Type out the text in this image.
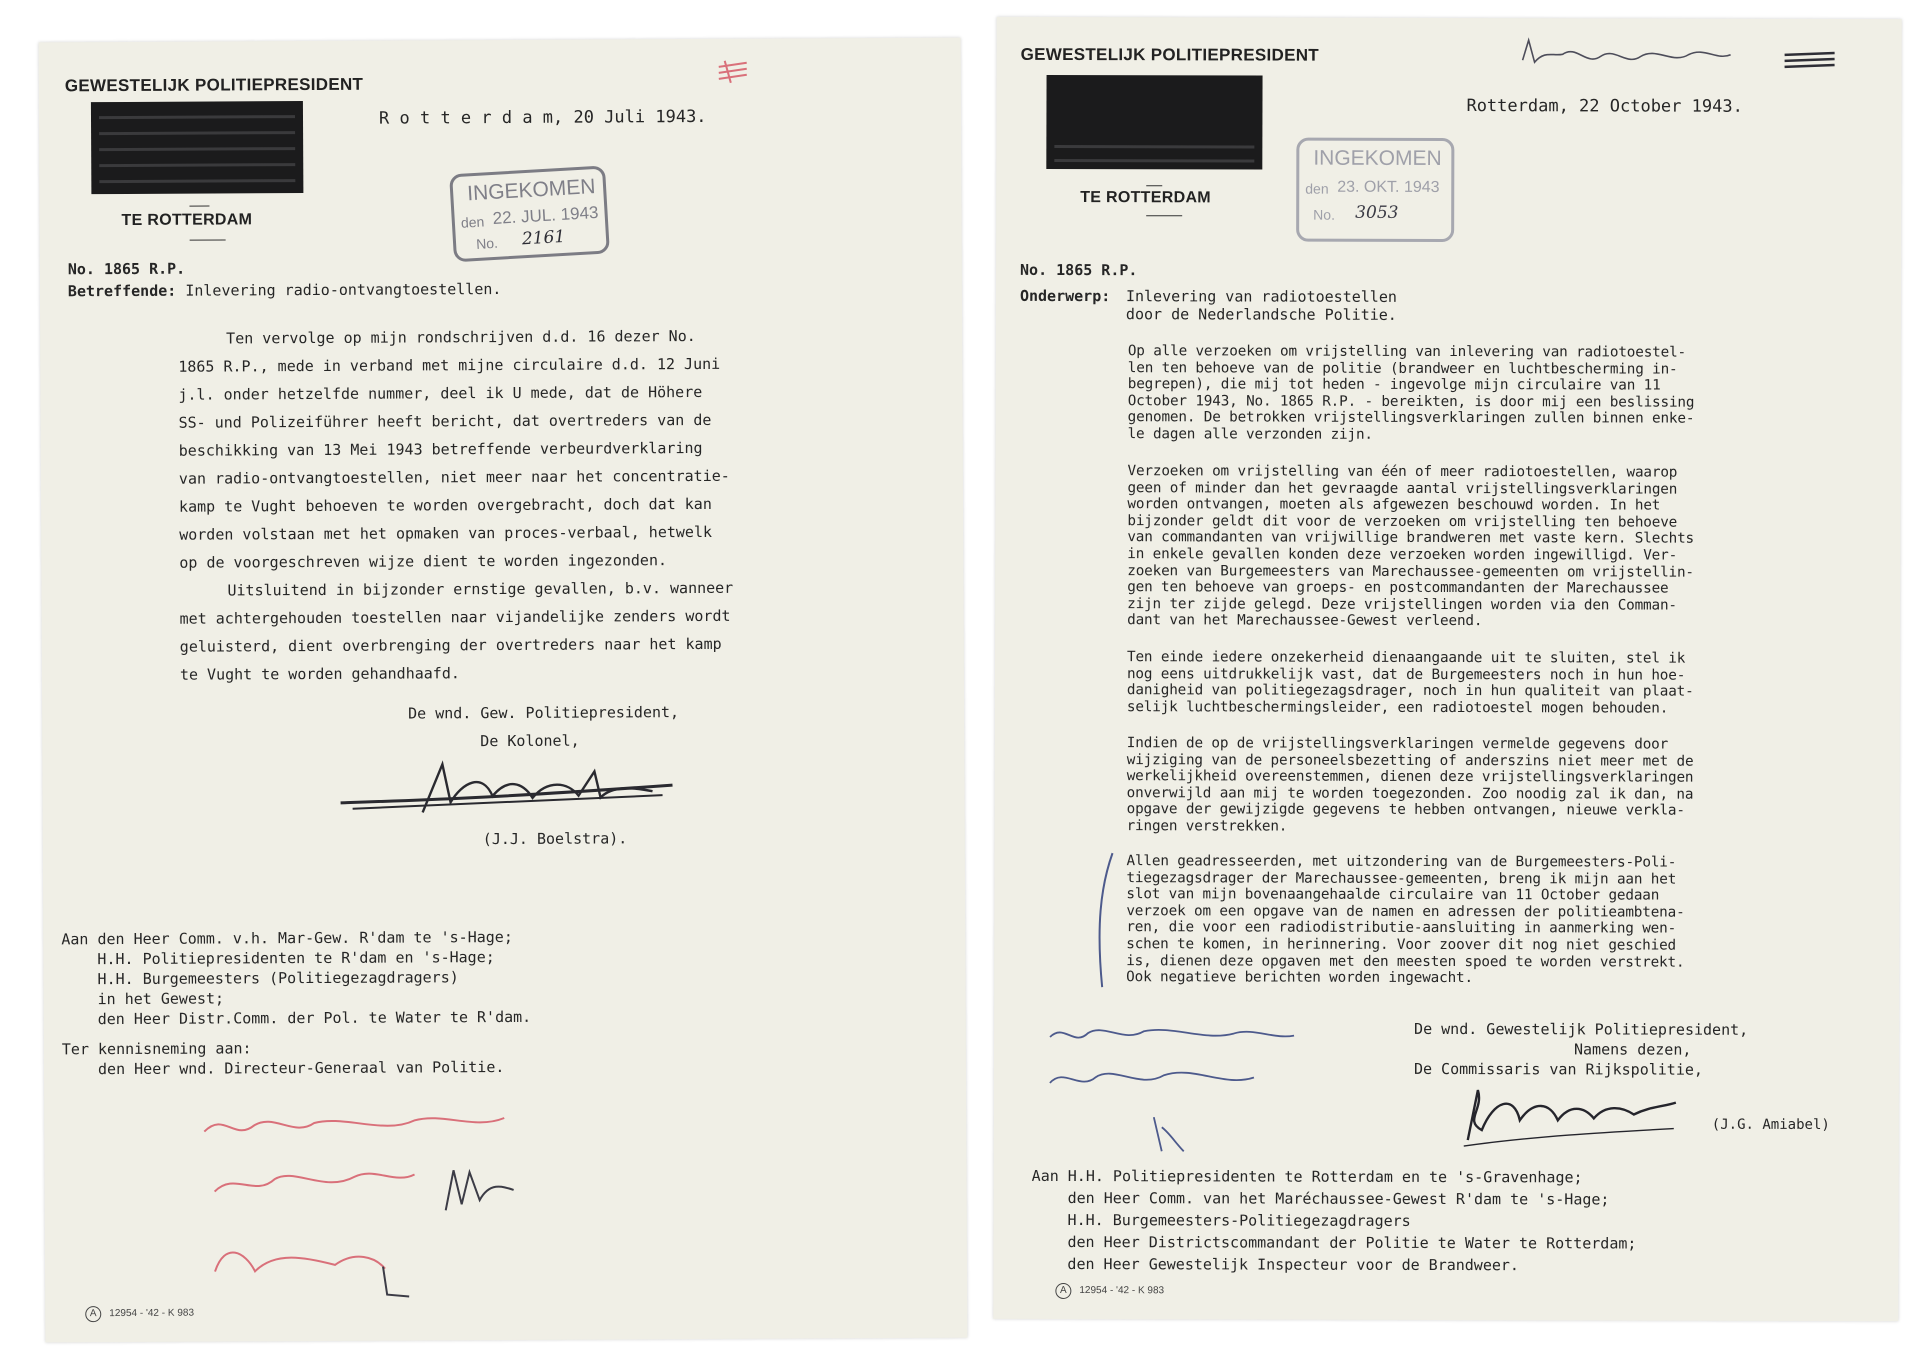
GEWESTELIJK POLITIEPRESIDENT
TE ROTTERDAM
R o t t e r d a m, 20 Juli 1943.
INGEKOMEN
den 22. JUL. 1943
No. 2161
No. 1865 R.P.
Betreffende: Inlevering radio-ontvangtoestellen.
Ten vervolge op mijn rondschrijven d.d. 16 dezer No.
1865 R.P., mede in verband met mijne circulaire d.d. 12 Juni
j.l. onder hetzelfde nummer, deel ik U mede, dat de Höhere
SS- und Polizeiführer heeft bericht, dat overtreders van de
beschikking van 13 Mei 1943 betreffende verbeurdverklaring
van radio-ontvangtoestellen, niet meer naar het concentratie-
kamp te Vught behoeven te worden overgebracht, doch dat kan
worden volstaan met het opmaken van proces-verbaal, hetwelk
op de voorgeschreven wijze dient te worden ingezonden.
Uitsluitend in bijzonder ernstige gevallen, b.v. wanneer
met achtergehouden toestellen naar vijandelijke zenders wordt
geluisterd, dient overbrenging der overtreders naar het kamp
te Vught te worden gehandhaafd.
De wnd. Gew. Politiepresident,
De Kolonel,
(J.J. Boelstra).
Aan den Heer Comm. v.h. Mar-Gew. R'dam te 's-Hage;
H.H. Politiepresidenten te R'dam en 's-Hage;
H.H. Burgemeesters (Politiegezagdragers)
in het Gewest;
den Heer Distr.Comm. der Pol. te Water te R'dam.
Ter kennisneming aan:
den Heer wnd. Directeur-Generaal van Politie.
A 12954 - '42 - K 983
GEWESTELIJK POLITIEPRESIDENT
TE ROTTERDAM
Rotterdam, 22 October 1943.
INGEKOMEN
den 23. OKT. 1943
No. 3053
No. 1865 R.P.
Onderwerp: Inlevering van radiotoestellen
door de Nederlandsche Politie.
Op alle verzoeken om vrijstelling van inlevering van radiotoestel-
len ten behoeve van de politie (brandweer en luchtbescherming in-
begrepen), die mij tot heden - ingevolge mijn circulaire van 11
October 1943, No. 1865 R.P. - bereikten, is door mij een beslissing
genomen. De betrokken vrijstellingsverklaringen zullen binnen enke-
le dagen alle verzonden zijn.
Verzoeken om vrijstelling van één of meer radiotoestellen, waarop
geen of minder dan het gevraagde aantal vrijstellingsverklaringen
worden ontvangen, moeten als afgewezen beschouwd worden. In het
bijzonder geldt dit voor de verzoeken om vrijstelling ten behoeve
van commandanten van vrijwillige brandweren met vaste kern. Slechts
in enkele gevallen konden deze verzoeken worden ingewilligd. Ver-
zoeken van Burgemeesters van Marechaussee-gemeenten om vrijstellin-
gen ten behoeve van groeps- en postcommandanten der Marechaussee
zijn ter zijde gelegd. Deze vrijstellingen worden via den Comman-
dant van het Marechaussee-Gewest verleend.
Ten einde iedere onzekerheid dienaangaande uit te sluiten, stel ik
nog eens uitdrukkelijk vast, dat de Burgemeesters noch in hun hoe-
danigheid van politiegezagsdrager, noch in hun qualiteit van plaat-
selijk luchtbeschermingsleider, een radiotoestel mogen behouden.
Indien de op de vrijstellingsverklaringen vermelde gegevens door
wijziging van de personeelsbezetting of anderszins niet meer met de
werkelijkheid overeenstemmen, dienen deze vrijstellingsverklaringen
onverwijld aan mij te worden toegezonden. Zoo noodig zal ik dan, na
opgave der gewijzigde gegevens te hebben ontvangen, nieuwe verkla-
ringen verstrekken.
Allen geadresseerden, met uitzondering van de Burgemeesters-Poli-
tiegezagsdrager der Marechaussee-gemeenten, breng ik mijn aan het
slot van mijn bovenaangehaalde circulaire van 11 October gedaan
verzoek om een opgave van de namen en adressen der politieambtena-
ren, die voor een radiodistributie-aansluiting in aanmerking wen-
schen te komen, in herinnering. Voor zoover dit nog niet geschied
is, dienen deze opgaven met den meesten spoed te worden verstrekt.
Ook negatieve berichten worden ingewacht.
De wnd. Gewestelijk Politiepresident,
Namens dezen,
De Commissaris van Rijkspolitie,
(J.G. Amiabel)
Aan H.H. Politiepresidenten te Rotterdam en te 's-Gravenhage;
den Heer Comm. van het Maréchaussee-Gewest R'dam te 's-Hage;
H.H. Burgemeesters-Politiegezagdragers
den Heer Districtscommandant der Politie te Water te Rotterdam;
den Heer Gewestelijk Inspecteur voor de Brandweer.
A 12954 - '42 - K 983
